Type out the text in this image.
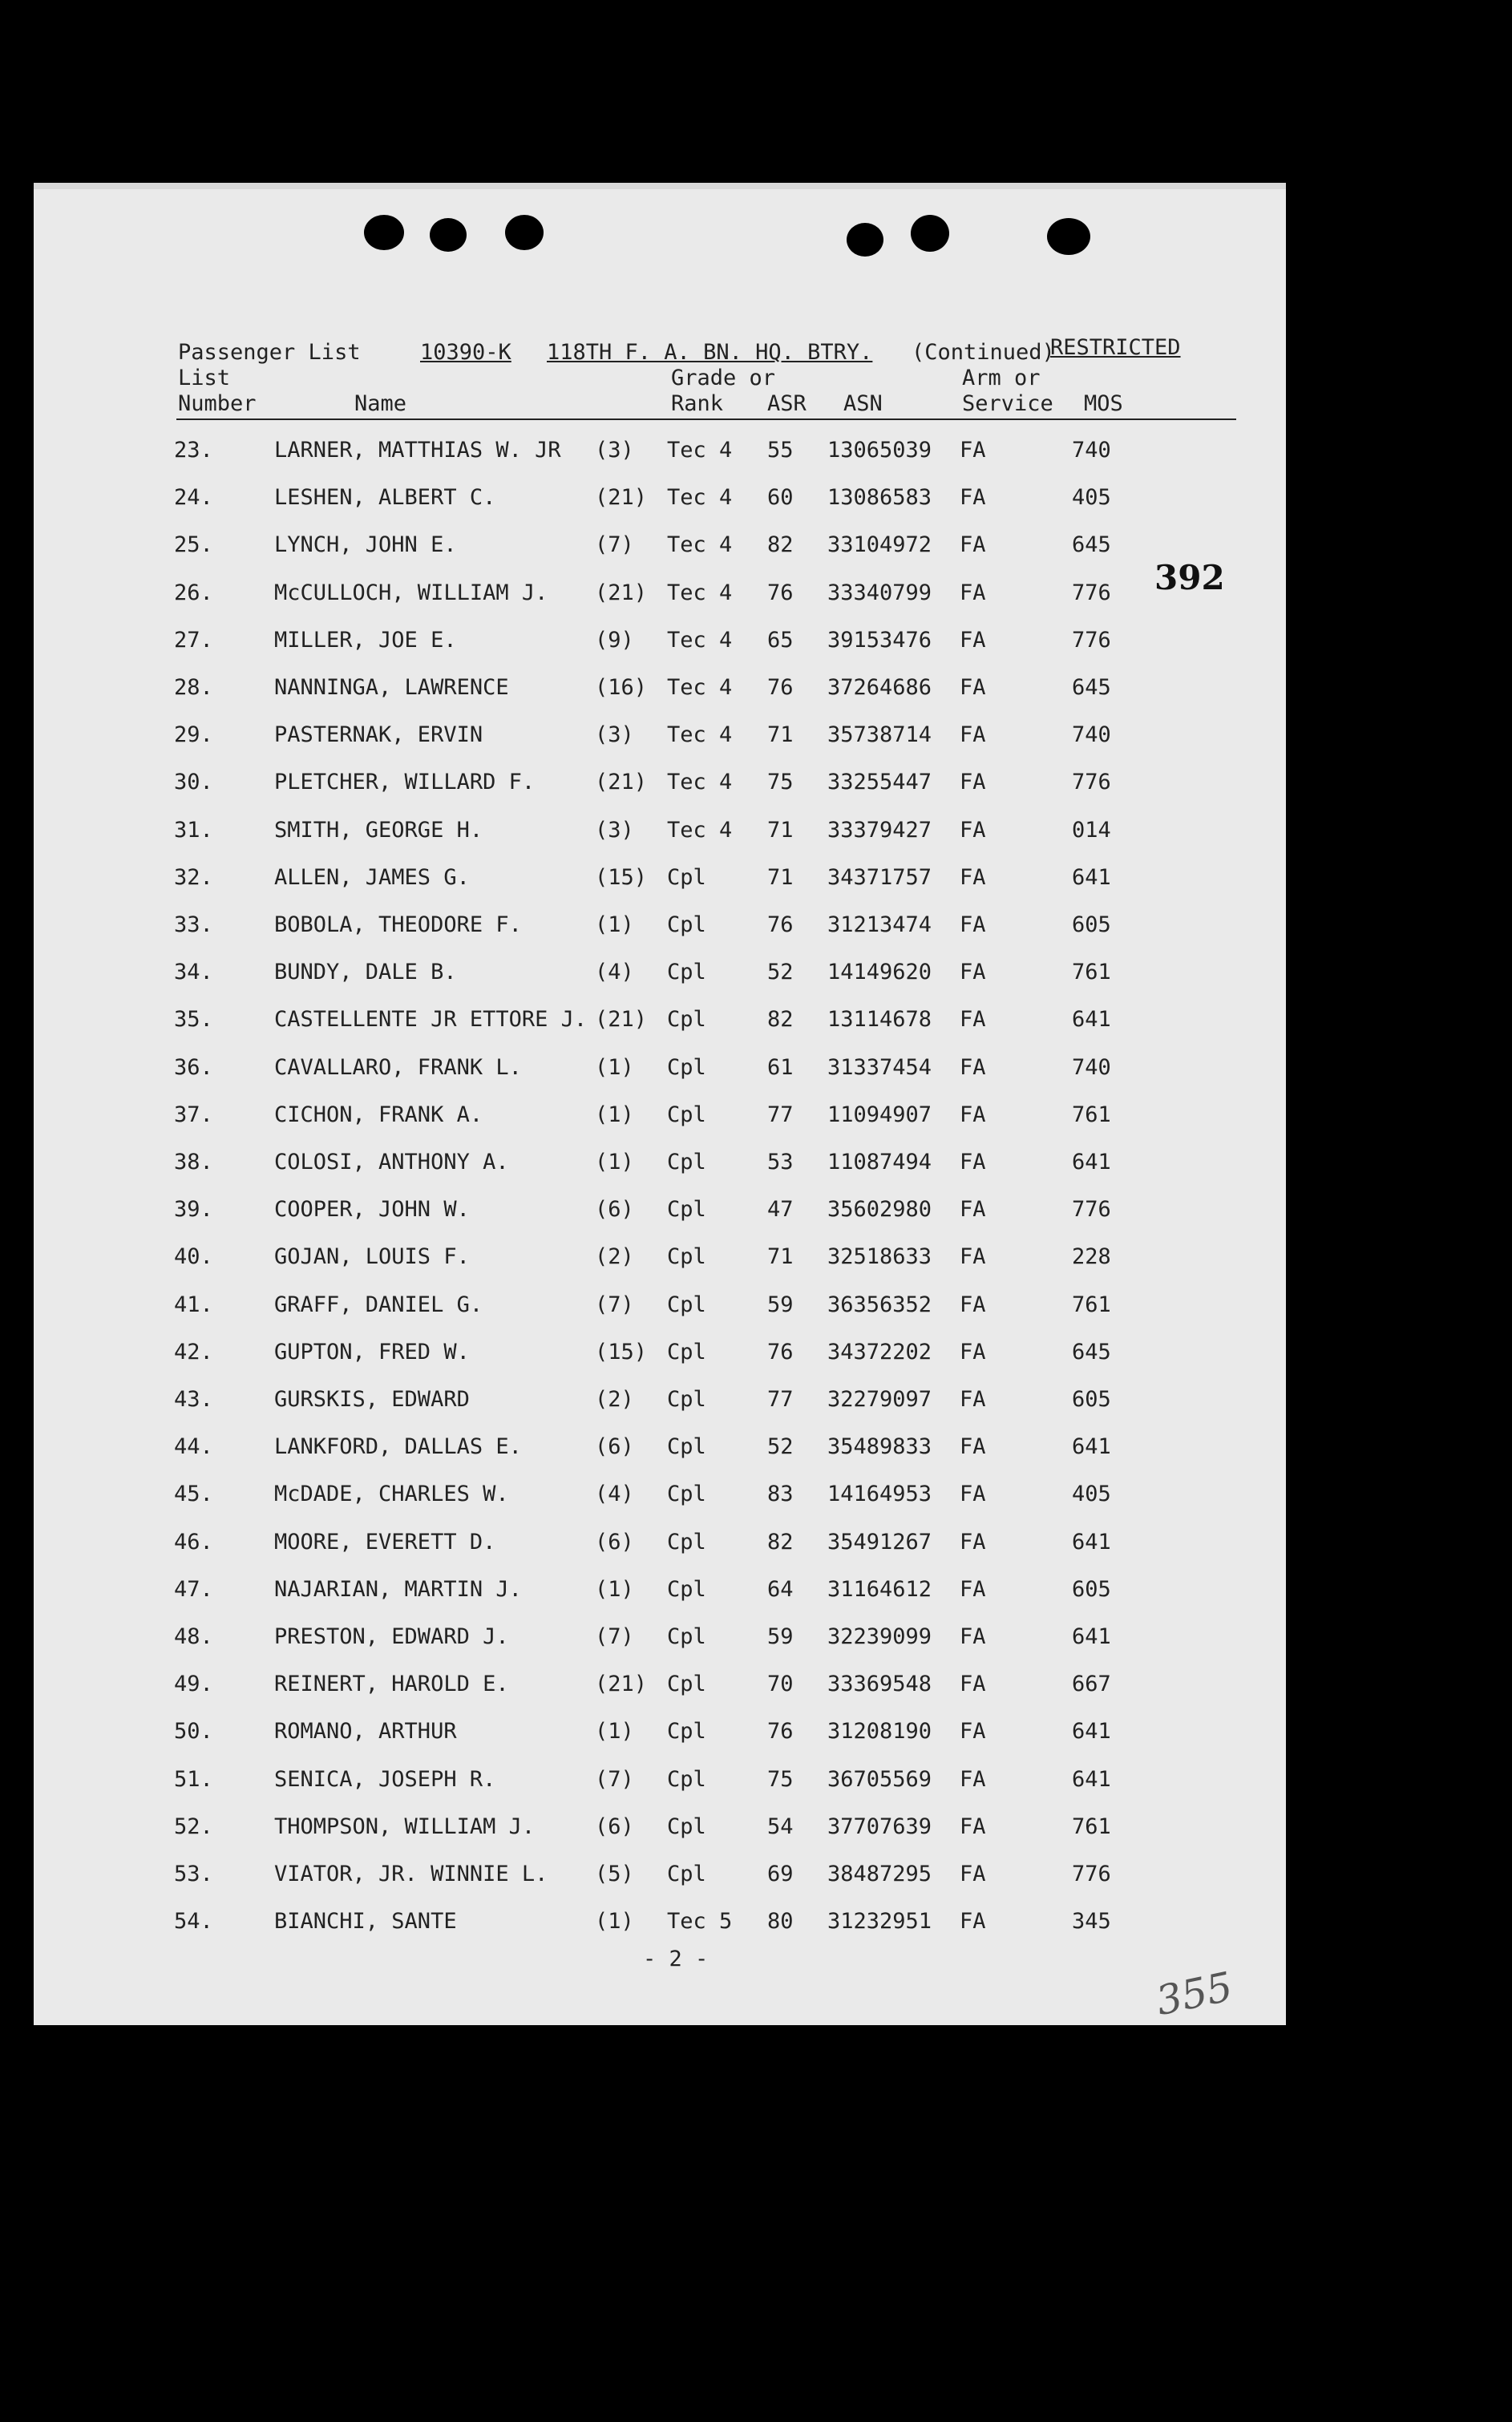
Passenger List	10390-K 118TH F. A. BN. HQ. BTRY. (Continued)
RESTRICTED
List
Number	Name
Grade or
Rank ASR ASN
Arm or
Service MOS
23.	LARNER, MATTHIAS W. JR (3) Tec 4 55 13065039 FA	740
24.	LESHEN, ALBERT C.	(21) Tec 4 60 13086583 FA	405
25.	LYNCH, JOHN E.	(7) Tec 4 82 33104972 FA	645
26.	McCULLOCH, WILLIAM J. (21) Tec 4 76 33340799 FA	776
27.	MILLER, JOE E.	(9) Tec 4 65 39153476 FA	776
28.	NANNINGA, LAWRENCE	(16) Tec 4 76 37264686 FA	645
29.	PASTERNAK, ERVIN	(3) Tec 4 71 35738714 FA	740
30.	PLETCHER, WILLARD F.	(21) Tec 4 75 33255447 FA	776
31.	SMITH, GEORGE H.	(3) Tec 4 71 33379427 FA	014
32.	ALLEN, JAMES G.	(15) Cpl	71 34371757 FA	641
33.	BOBOLA, THEODORE F.	(1) Cpl	76 31213474 FA	605
34.	BUNDY, DALE B.	(4) Cpl	52 14149620 FA	761
35.	CASTELLENTE JR ETTORE J. (21) Cpl	82 13114678 FA	641
36.	CAVALLARO, FRANK L.	(1) Cpl	61 31337454 FA	740
37.	CICHON, FRANK A.	(1) Cpl	77 11094907 FA	761
38.	COLOSI, ANTHONY A.	(1) Cpl	53 11087494 FA	641
39.	COOPER, JOHN W.	(6) Cpl	47 35602980 FA	776
40.	GOJAN, LOUIS F.	(2) Cpl	71 32518633 FA	228
41.	GRAFF, DANIEL G.	(7) Cpl	59 36356352 FA	761
42.	GUPTON, FRED W.	(15) Cpl	76 34372202 FA	645
43.	GURSKIS, EDWARD	(2) Cpl	77 32279097 FA	605
44.	LANKFORD, DALLAS E.	(6) Cpl	52 35489833 FA	641
45.	McDADE, CHARLES W.	(4) Cpl	83 14164953 FA	405
46.	MOORE, EVERETT D.	(6) Cpl	82 35491267 FA	641
47.	NAJARIAN, MARTIN J.	(1) Cpl	64 31164612 FA	605
48.	PRESTON, EDWARD J.	(7) Cpl	59 32239099 FA	641
49.	REINERT, HAROLD E.	(21) Cpl	70 33369548 FA	667
50.	ROMANO, ARTHUR	(1) Cpl	76 31208190 FA	641
51.	SENICA, JOSEPH R.	(7) Cpl	75 36705569 FA	641
52.	THOMPSON, WILLIAM J.	(6) Cpl	54 37707639 FA	761
53.	VIATOR, JR. WINNIE L. (5) Cpl	69 38487295 FA	776
54.	BIANCHI, SANTE	(1) Tec 5 80 31232951 FA	345
392
- 2 -
355
